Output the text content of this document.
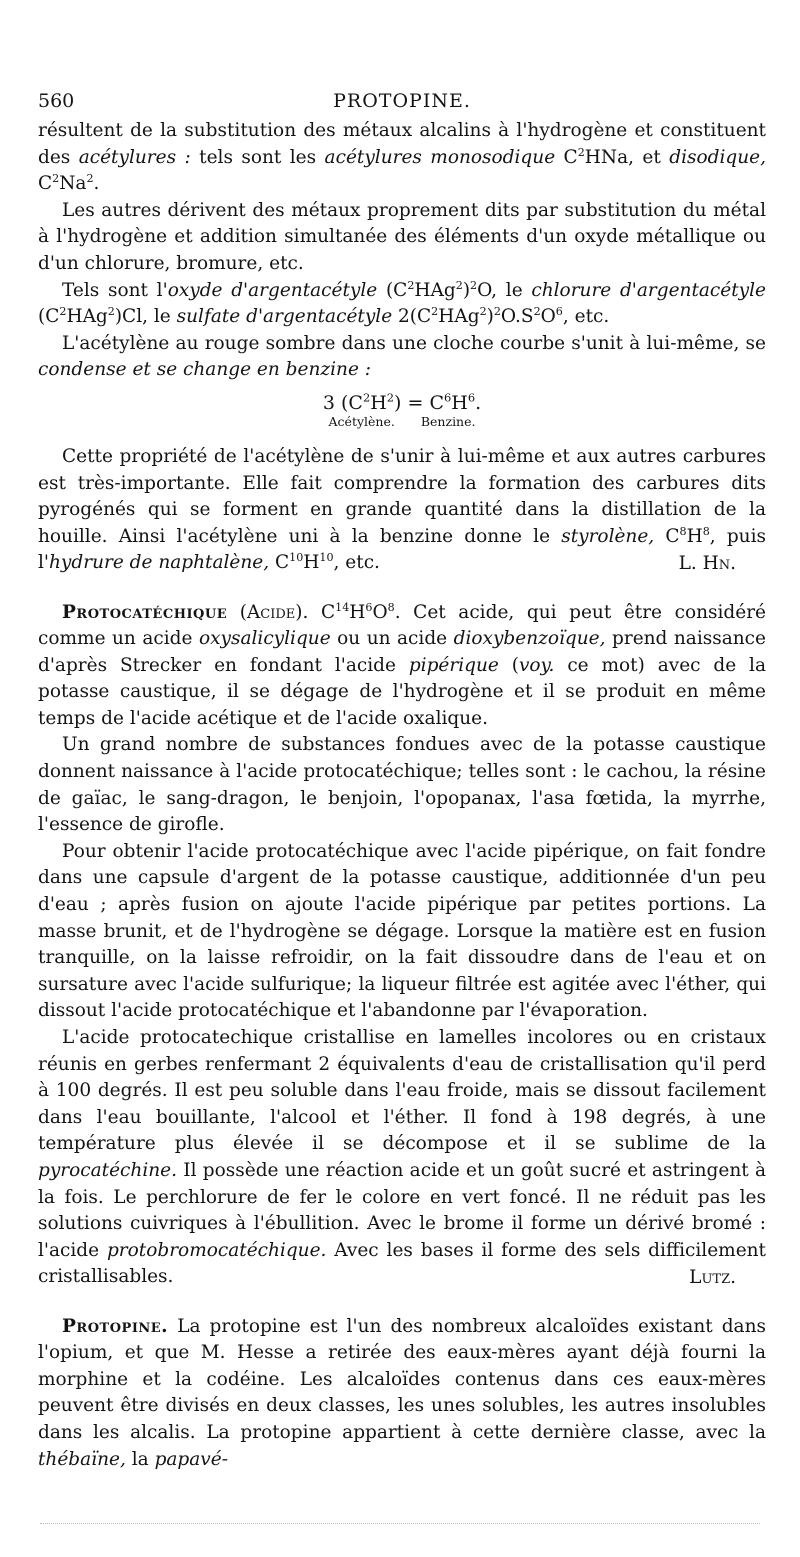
560	PROTOPINE.

résultent de la substitution des métaux alcalins à l'hydrogène et constituent des acétylures : tels sont les acétylures monosodique $C^2HNa$, et disodique, $C^2Na^2$.

Les autres dérivent des métaux proprement dits par substitution du métal à l'hydrogène et addition simultanée des éléments d'un oxyde métallique ou d'un chlorure, bromure, etc.

Tels sont l'oxyde d'argentacétyle $(C^2HAg^2)^2O$, le chlorure d'argentacétyle $(C^2HAg^2)Cl$, le sulfate d'argentacétyle $2(C^2HAg^2)^2O.S^2O^6$, etc.

L'acétylène au rouge sombre dans une cloche courbe s'unit à lui-même, se condense et se change en benzine :

3 $(C^2H^2) = C^6H^6$.
Acétylène. Benzine.

Cette propriété de l'acétylène de s'unir à lui-même et aux autres carbures est très-importante. Elle fait comprendre la formation des carbures dits pyrogénés qui se forment en grande quantité dans la distillation de la houille. Ainsi l'acétylène uni à la benzine donne le styrolène, $C^8H^8$, puis l'hydrure de naphtalène, $C^{10}H^{10}$, etc.	L. Hn.

Protocatéchique (Acide). $C^{14}H^6O^8$. Cet acide, qui peut être considéré comme un acide oxysalicylique ou un acide dioxybenzoïque, prend naissance d'après Strecker en fondant l'acide pipérique (voy. ce mot) avec de la potasse caustique, il se dégage de l'hydrogène et il se produit en même temps de l'acide acétique et de l'acide oxalique.

Un grand nombre de substances fondues avec de la potasse caustique donnent naissance à l'acide protocatéchique; telles sont : le cachou, la résine de gaïac, le sang-dragon, le benjoin, l'opopanax, l'asa fœtida, la myrrhe, l'essence de girofle.

Pour obtenir l'acide protocatéchique avec l'acide pipérique, on fait fondre dans une capsule d'argent de la potasse caustique, additionnée d'un peu d'eau ; après fusion on ajoute l'acide pipérique par petites portions. La masse brunit, et de l'hydrogène se dégage. Lorsque la matière est en fusion tranquille, on la laisse refroidir, on la fait dissoudre dans de l'eau et on sursature avec l'acide sulfurique; la liqueur filtrée est agitée avec l'éther, qui dissout l'acide protocatéchique et l'abandonne par l'évaporation.

L'acide protocatechique cristallise en lamelles incolores ou en cristaux réunis en gerbes renfermant 2 équivalents d'eau de cristallisation qu'il perd à 100 degrés. Il est peu soluble dans l'eau froide, mais se dissout facilement dans l'eau bouillante, l'alcool et l'éther. Il fond à 198 degrés, à une température plus élevée il se décompose et il se sublime de la pyrocatéchine. Il possède une réaction acide et un goût sucré et astringent à la fois. Le perchlorure de fer le colore en vert foncé. Il ne réduit pas les solutions cuivriques à l'ébullition. Avec le brome il forme un dérivé bromé : l'acide protobromocatéchique. Avec les bases il forme des sels difficilement cristallisables.	Lutz.

Protopine. La protopine est l'un des nombreux alcaloïdes existant dans l'opium, et que M. Hesse a retirée des eaux-mères ayant déjà fourni la morphine et la codéine. Les alcaloïdes contenus dans ces eaux-mères peuvent être divisés en deux classes, les unes solubles, les autres insolubles dans les alcalis. La protopine appartient à cette dernière classe, avec la thébaïne, la papavé-
